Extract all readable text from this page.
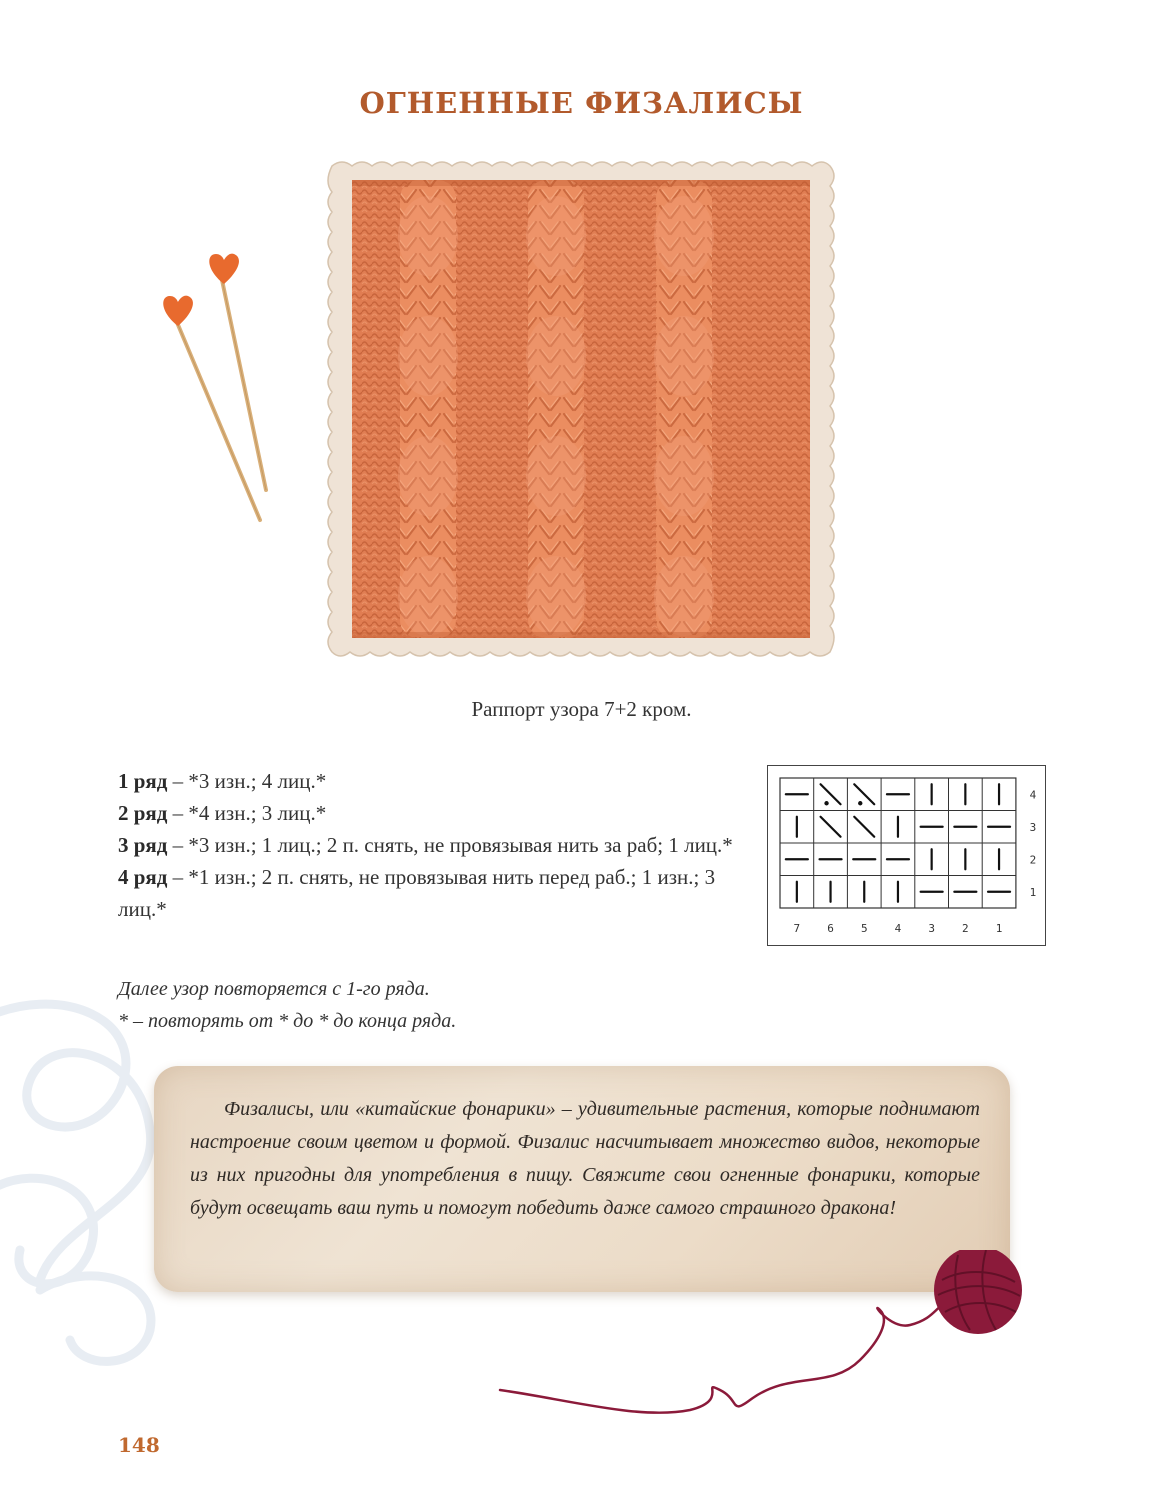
ОГНЕННЫЕ ФИЗАЛИСЫ
Раппорт узора 7+2 кром.

1 ряд – *3 изн.; 4 лиц.*

2 ряд – *4 изн.; 3 лиц.*

3 ряд – *3 изн.; 1 лиц.; 2 п. снять, не провязывая нить за раб; 1 лиц.*

4 ряд – *1 изн.; 2 п. снять, не провязывая нить перед раб.; 1 изн.; 3 лиц.*

Далее узор повторяется с 1-го ряда.

* – повторять от * до * до конца ряда.

4
3
2
1
7 6 5 4 3 2 1

Физалисы, или «китайские фонарики» – удивительные растения, которые поднимают настроение своим цветом и формой. Физалис насчитывает множество видов, некоторые из них пригодны для употребления в пищу. Свяжите свои огненные фонарики, которые будут освещать ваш путь и помогут победить даже самого страшного дракона!

148
